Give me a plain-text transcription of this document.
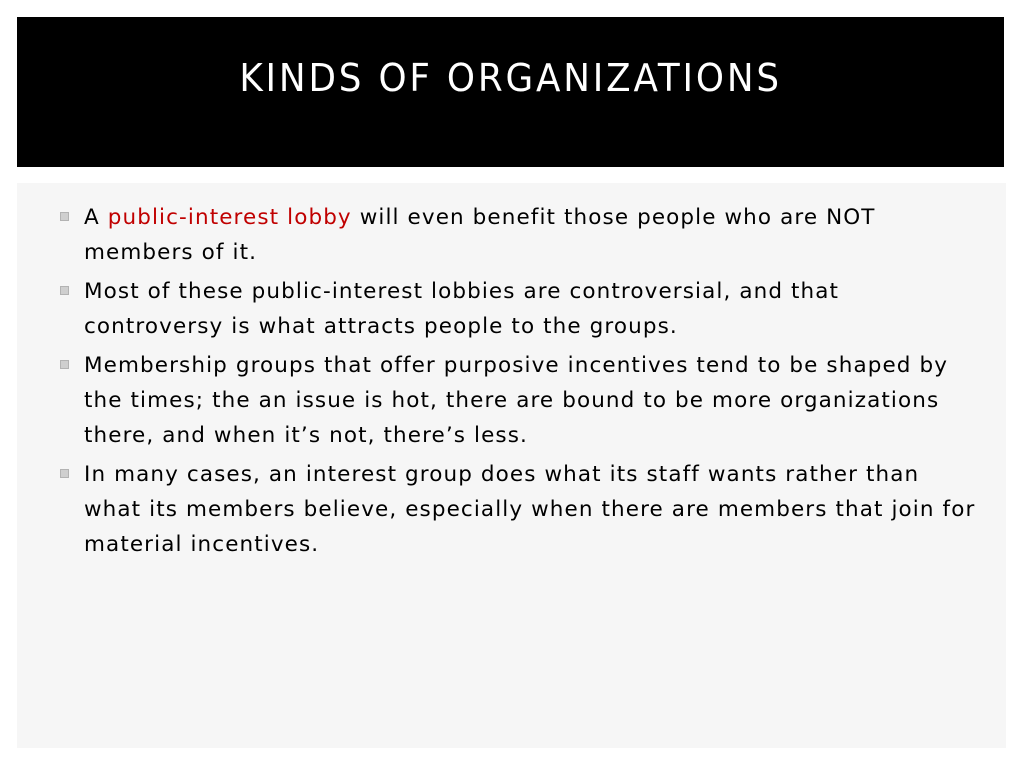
KINDS OF ORGANIZATIONS
A public-interest lobby will even benefit those people who are NOT members of it.
Most of these public-interest lobbies are controversial, and that controversy is what attracts people to the groups.
Membership groups that offer purposive incentives tend to be shaped by the times; the an issue is hot, there are bound to be more organizations there, and when it’s not, there’s less.
In many cases, an interest group does what its staff wants rather than what its members believe, especially when there are members that join for material incentives.
